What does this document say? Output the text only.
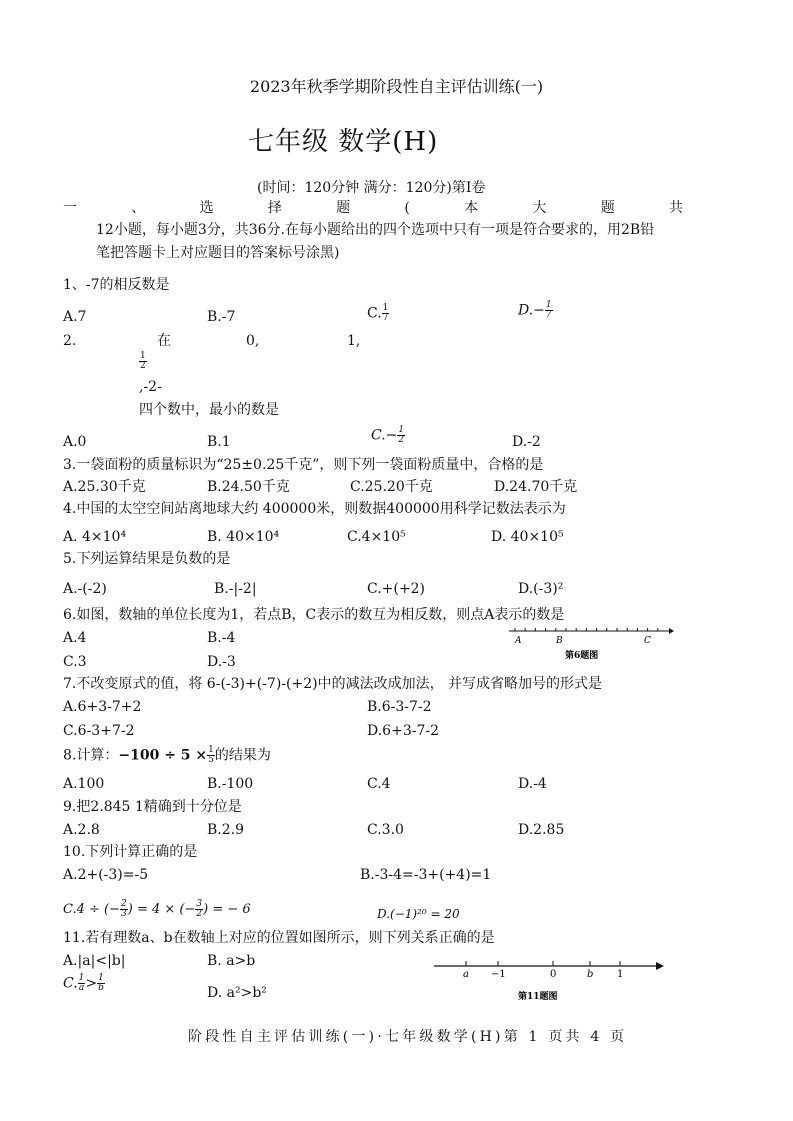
2023年秋季学期阶段性自主评估训练(一)
七年级 数学(H)
(时间：120分钟 满分：120分)第Ⅰ卷
一	、	选	择	题	(	本	大	题	共
12小题，每小题3分，共36分.在每小题给出的四个选项中只有一项是符合要求的，用2B铅
笔把答题卡上对应题目的答案标号涂黑)
1、-7的相反数是
A.7	B.-7	C. $\frac{1}{7}$	$D.- \frac{1}{7}$
2.	在	0,	1,
$\frac{1}{2}$
,-2-
四个数中，最小的数是
A.0	B.1	$C.- \frac{1}{2}$	D.-2
3.一袋面粉的质量标识为“25±0.25千克”，则下列一袋面粉质量中，合格的是
A.25.30千克	B.24.50千克	C.25.20千克	D.24.70千克
4.中国的太空空间站离地球大约 400000米，则数据400000用科学记数法表示为
A. 4×10⁴	B. 40×10⁴	C.4×10⁵	D. 40×10⁵
5.下列运算结果是负数的是
A.-(-2)	B.-|-2|	C.+(+2)	D.(-3)²
6.如图，数轴的单位长度为1，若点B，C表示的数互为相反数，则点A表示的数是
A.4	B.-4
C.3	D.-3
A	B	C
第6题图
7.不改变原式的值，将 6-(-3)+(-7)-(+2)中的减法改成加法， 并写成省略加号的形式是
A.6+3-7+2	B.6-3-7-2
C.6-3+7-2	D.6+3-7-2
8.计算：$-100 \div 5 \times \frac{1}{5}$ 的结果为
A.100	B.-100	C.4	D.-4
9.把2.845 1精确到十分位是
A.2.8	B.2.9	C.3.0	D.2.85
10.下列计算正确的是
A.2+(-3)=-5	B.-3-4=-3+(+4)=1
C.4 ÷ (− $\frac{2}{3}$ ) = 4 × (− $\frac{3}{2}$ ) = − 6	D.(−1)²⁰ = 20
11.若有理数a、b在数轴上对应的位置如图所示，则下列关系正确的是
A.|a|<|b|	B. a>b
C. $\frac{1}{a} > \frac{1}{b}$	D. a²>b²
a −1	0	b 1
第11题图
阶段性自主评估训练(一)·七年级数学(H)第 1 页共 4 页
